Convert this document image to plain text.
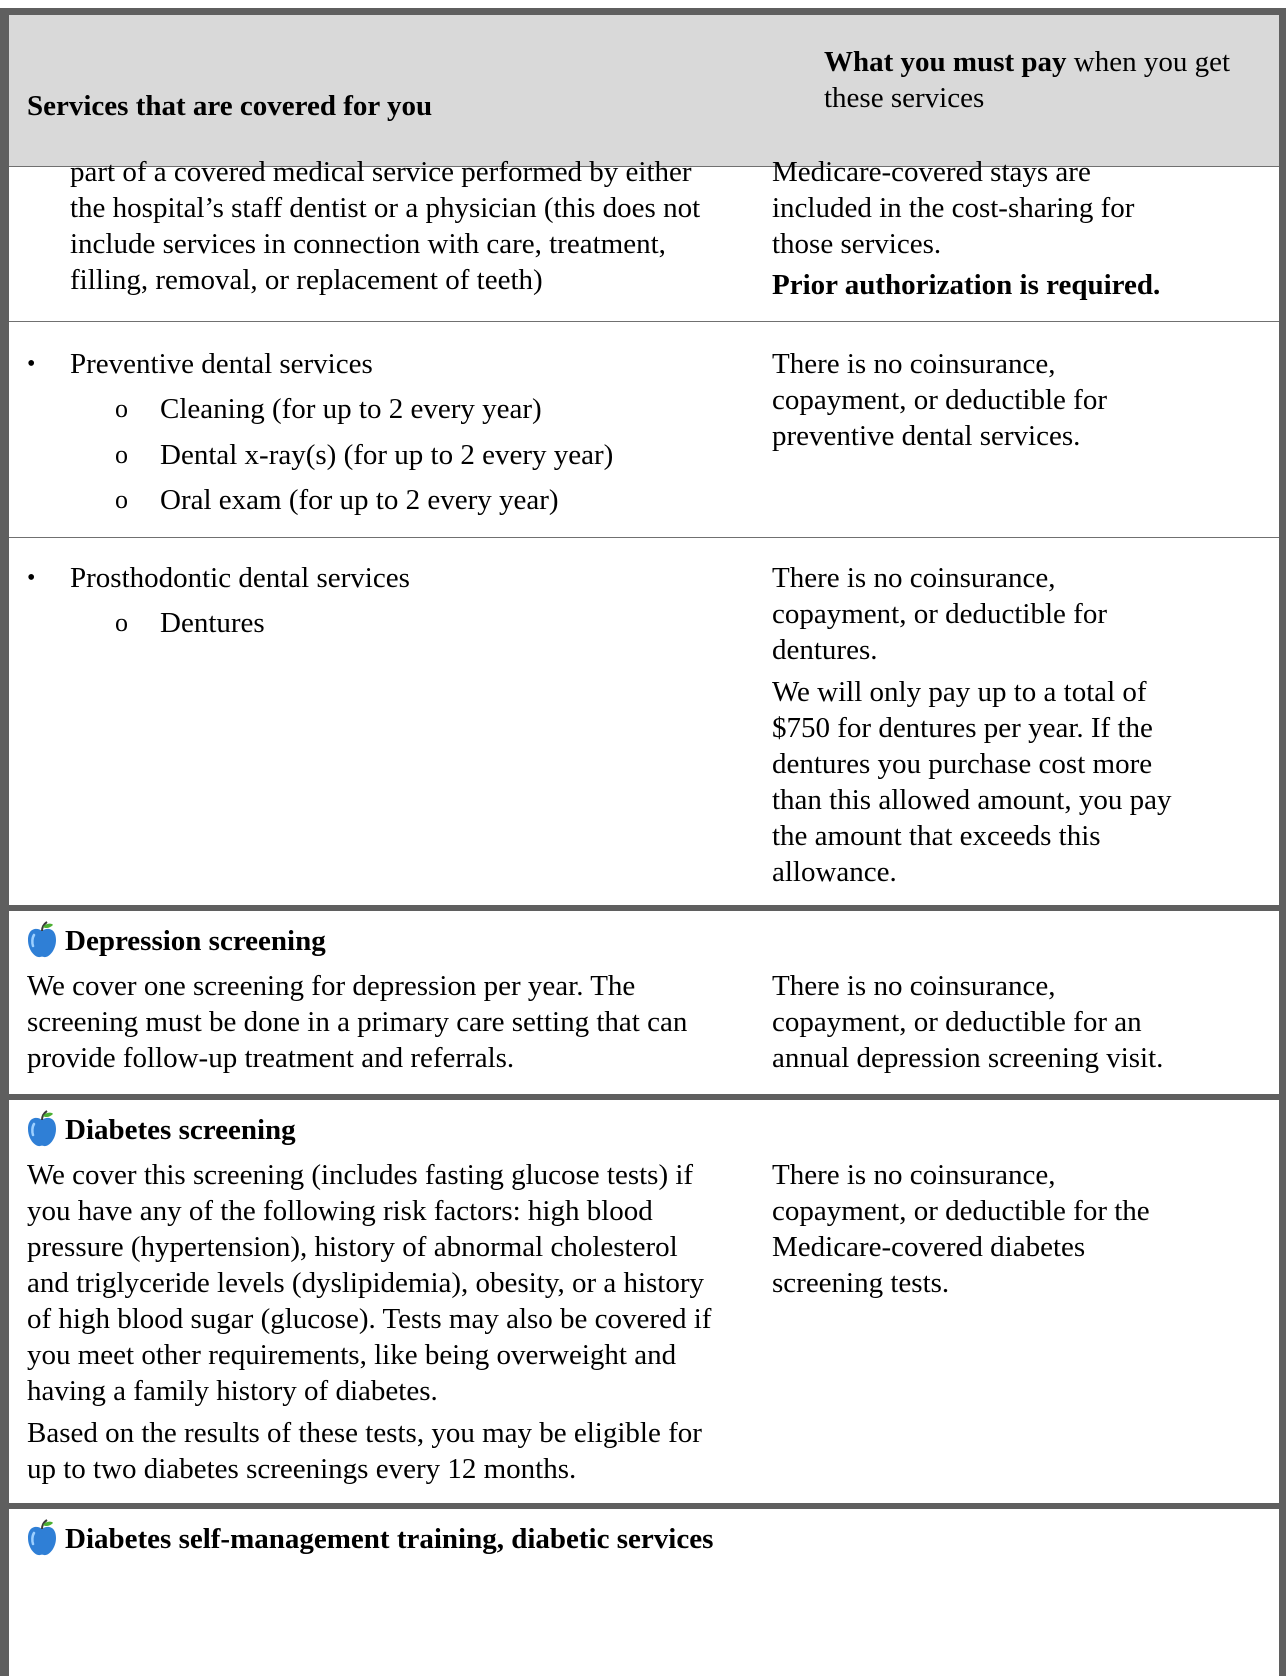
Services that are covered for you
What you must pay when you get these services
part of a covered medical service performed by either
the hospital’s staff dentist or a physician (this does not
include services in connection with care, treatment,
filling, removal, or replacement of teeth)
Medicare-covered stays are
included in the cost-sharing for
those services.
Prior authorization is required.
• Preventive dental services
o Cleaning (for up to 2 every year)
o Dental x-ray(s) (for up to 2 every year)
o Oral exam (for up to 2 every year)
There is no coinsurance,
copayment, or deductible for
preventive dental services.
• Prosthodontic dental services
o Dentures
There is no coinsurance,
copayment, or deductible for
dentures.
We will only pay up to a total of
$750 for dentures per year. If the
dentures you purchase cost more
than this allowed amount, you pay
the amount that exceeds this
allowance.
Depression screening
We cover one screening for depression per year. The
screening must be done in a primary care setting that can
provide follow-up treatment and referrals.
There is no coinsurance,
copayment, or deductible for an
annual depression screening visit.
Diabetes screening
We cover this screening (includes fasting glucose tests) if
you have any of the following risk factors: high blood
pressure (hypertension), history of abnormal cholesterol
and triglyceride levels (dyslipidemia), obesity, or a history
of high blood sugar (glucose). Tests may also be covered if
you meet other requirements, like being overweight and
having a family history of diabetes.
Based on the results of these tests, you may be eligible for
up to two diabetes screenings every 12 months.
There is no coinsurance,
copayment, or deductible for the
Medicare-covered diabetes
screening tests.
Diabetes self-management training, diabetic services
